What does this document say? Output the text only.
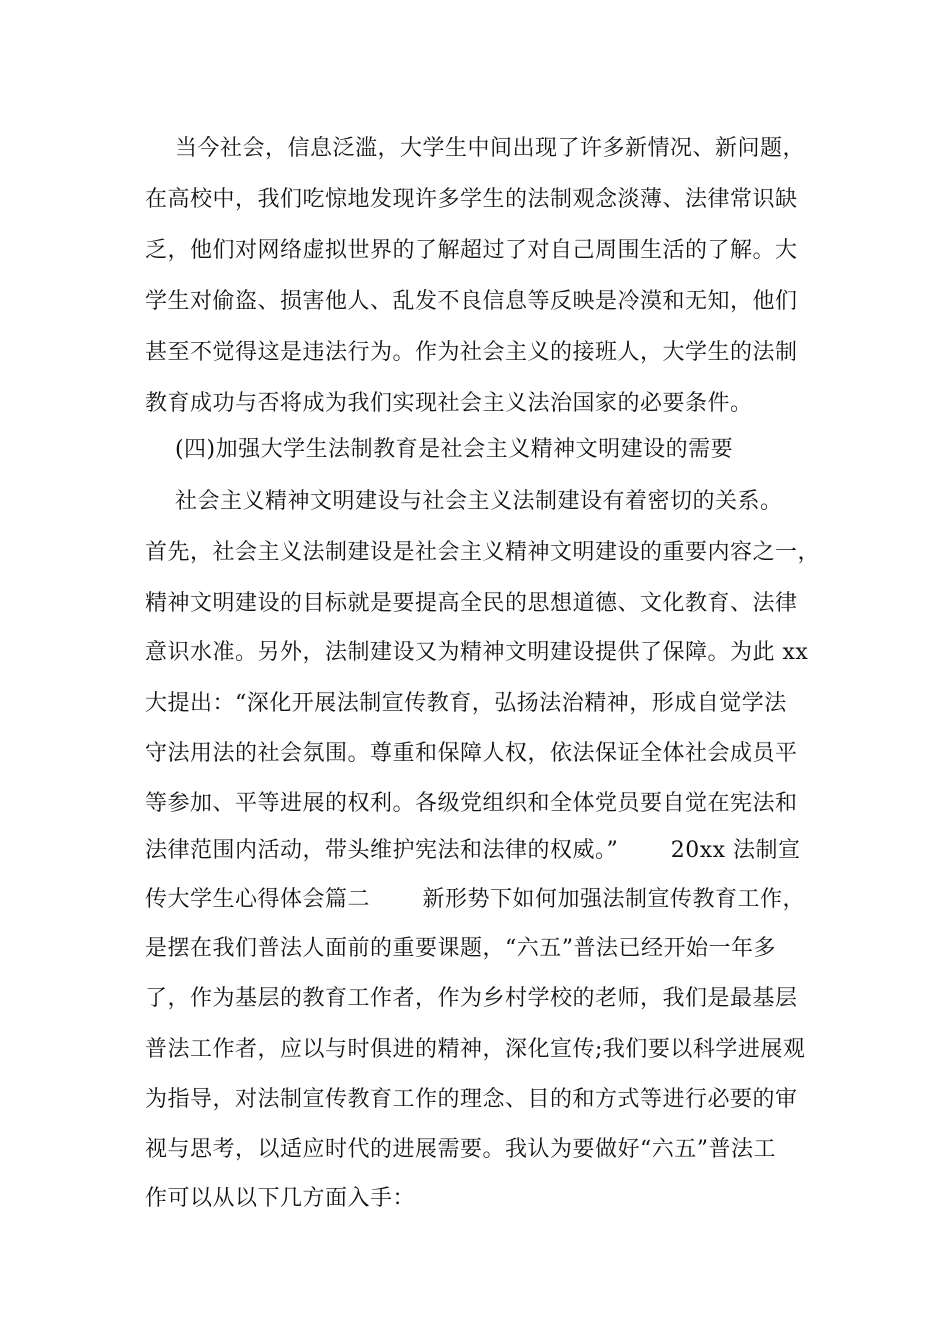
当今社会，信息泛滥，大学生中间出现了许多新情况、新问题，
在高校中，我们吃惊地发现许多学生的法制观念淡薄、法律常识缺
乏，他们对网络虚拟世界的了解超过了对自己周围生活的了解。大
学生对偷盗、损害他人、乱发不良信息等反映是冷漠和无知，他们
甚至不觉得这是违法行为。作为社会主义的接班人，大学生的法制
教育成功与否将成为我们实现社会主义法治国家的必要条件。
(四)加强大学生法制教育是社会主义精神文明建设的需要
社会主义精神文明建设与社会主义法制建设有着密切的关系。
首先，社会主义法制建设是社会主义精神文明建设的重要内容之一，
精神文明建设的目标就是要提高全民的思想道德、文化教育、法律
意识水准。另外，法制建设又为精神文明建设提供了保障。为此 xx
大提出：“深化开展法制宣传教育，弘扬法治精神，形成自觉学法
守法用法的社会氛围。尊重和保障人权，依法保证全体社会成员平
等参加、平等进展的权利。各级党组织和全体党员要自觉在宪法和
法律范围内活动，带头维护宪法和法律的权威。”       20xx 法制宣
传大学生心得体会篇二       新形势下如何加强法制宣传教育工作，
是摆在我们普法人面前的重要课题，“六五”普法已经开始一年多
了，作为基层的教育工作者，作为乡村学校的老师，我们是最基层
普法工作者，应以与时俱进的精神，深化宣传;我们要以科学进展观
为指导，对法制宣传教育工作的理念、目的和方式等进行必要的审
视与思考，以适应时代的进展需要。我认为要做好“六五”普法工
作可以从以下几方面入手：
